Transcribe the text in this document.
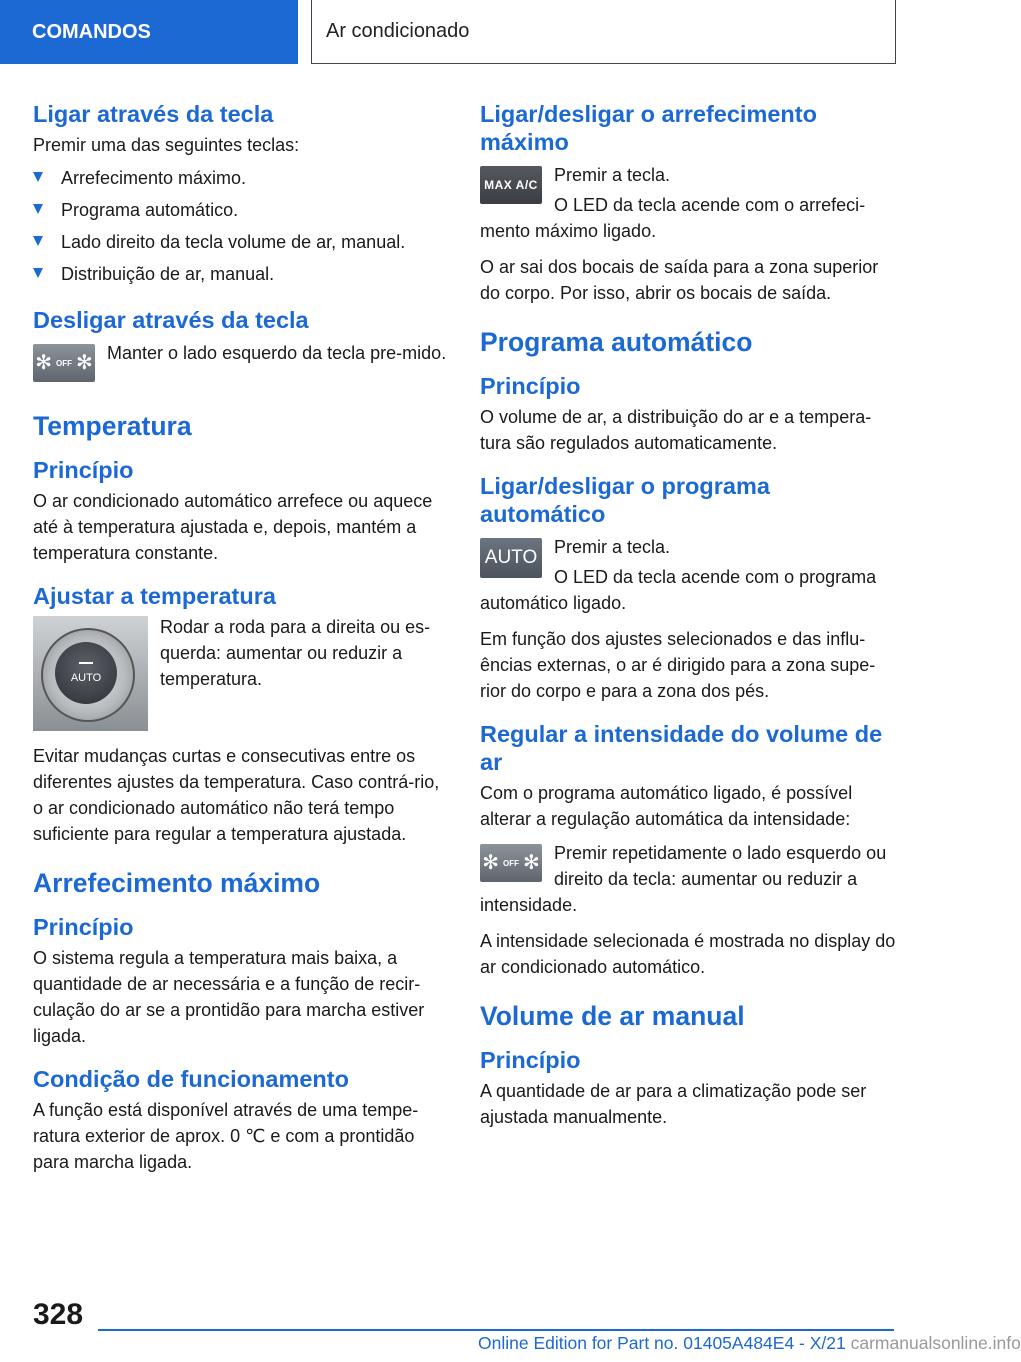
COMANDOS	Ar condicionado
Ligar através da tecla

Premir uma das seguintes teclas:

Arrefecimento máximo.
Programa automático.
Lado direito da tecla volume de ar, manual.
Distribuição de ar, manual.
Desligar através da tecla
✻ OFF ✻ Manter o lado esquerdo da tecla pre‐mido.

Temperatura
Princípio

O ar condicionado automático arrefece ou aquece até à temperatura ajustada e, depois, mantém a temperatura constante.

Ajustar a temperatura
AUTO

Rodar a roda para a direita ou es‐querda: aumentar ou reduzir a temperatura.

Evitar mudanças curtas e consecutivas entre os diferentes ajustes da temperatura. Caso contrá‐rio, o ar condicionado automático não terá tempo suficiente para regular a temperatura ajustada.

Arrefecimento máximo
Princípio

O sistema regula a temperatura mais baixa, a quantidade de ar necessária e a função de recir‐culação do ar se a prontidão para marcha estiver ligada.

Condição de funcionamento

A função está disponível através de uma tempe‐ratura exterior de aprox. 0 ℃ e com a prontidão para marcha ligada.

Ligar/desligar o arrefecimento máximo
MAX A/C Premir a tecla.

O LED da tecla acende com o arrefeci‐mento máximo ligado.

O ar sai dos bocais de saída para a zona superior do corpo. Por isso, abrir os bocais de saída.

Programa automático
Princípio

O volume de ar, a distribuição do ar e a tempera‐tura são regulados automaticamente.

Ligar/desligar o programa automático
AUTO Premir a tecla.

O LED da tecla acende com o programa automático ligado.

Em função dos ajustes selecionados e das influ‐ências externas, o ar é dirigido para a zona supe‐rior do corpo e para a zona dos pés.

Regular a intensidade do volume de ar

Com o programa automático ligado, é possível alterar a regulação automática da intensidade:

✻ OFF ✻ Premir repetidamente o lado esquerdo ou direito da tecla: aumentar ou reduzir a intensidade.

A intensidade selecionada é mostrada no display do ar condicionado automático.

Volume de ar manual
Princípio

A quantidade de ar para a climatização pode ser ajustada manualmente.

328
Online Edition for Part no. 01405A484E4 - X/21 carmanualsonline.info
